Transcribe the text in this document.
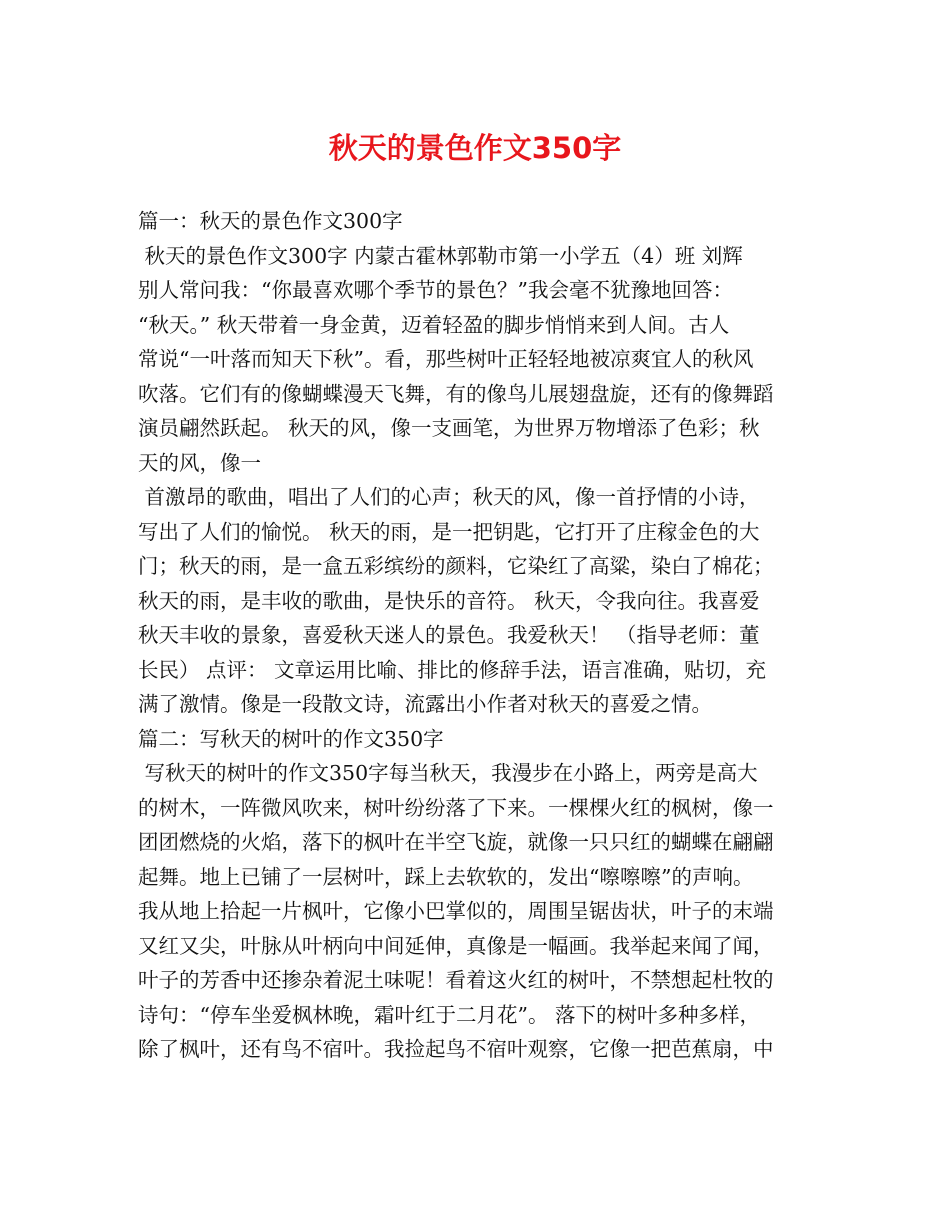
秋天的景色作文350字
篇一：秋天的景色作文300字
秋天的景色作文300字 内蒙古霍林郭勒市第一小学五（4）班 刘辉
别人常问我：“你最喜欢哪个季节的景色？”我会毫不犹豫地回答：
“秋天。” 秋天带着一身金黄，迈着轻盈的脚步悄悄来到人间。古人
常说“一叶落而知天下秋”。看，那些树叶正轻轻地被凉爽宜人的秋风
吹落。它们有的像蝴蝶漫天飞舞，有的像鸟儿展翅盘旋，还有的像舞蹈
演员翩然跃起。 秋天的风，像一支画笔，为世界万物增添了色彩；秋
天的风，像一
首激昂的歌曲，唱出了人们的心声；秋天的风，像一首抒情的小诗，
写出了人们的愉悦。 秋天的雨，是一把钥匙，它打开了庄稼金色的大
门；秋天的雨，是一盒五彩缤纷的颜料，它染红了高粱，染白了棉花；
秋天的雨，是丰收的歌曲，是快乐的音符。 秋天，令我向往。我喜爱
秋天丰收的景象，喜爱秋天迷人的景色。我爱秋天！ （指导老师：董
长民） 点评： 文章运用比喻、排比的修辞手法，语言准确，贴切，充
满了激情。像是一段散文诗，流露出小作者对秋天的喜爱之情。
篇二：写秋天的树叶的作文350字
写秋天的树叶的作文350字每当秋天，我漫步在小路上，两旁是高大
的树木，一阵微风吹来，树叶纷纷落了下来。一棵棵火红的枫树，像一
团团燃烧的火焰，落下的枫叶在半空飞旋，就像一只只红的蝴蝶在翩翩
起舞。地上已铺了一层树叶，踩上去软软的，发出“嚓嚓嚓”的声响。
我从地上拾起一片枫叶，它像小巴掌似的，周围呈锯齿状，叶子的末端
又红又尖，叶脉从叶柄向中间延伸，真像是一幅画。我举起来闻了闻，
叶子的芳香中还掺杂着泥土味呢！看着这火红的树叶，不禁想起杜牧的
诗句：“停车坐爱枫林晚，霜叶红于二月花”。 落下的树叶多种多样，
除了枫叶，还有鸟不宿叶。我捡起鸟不宿叶观察，它像一把芭蕉扇，中
